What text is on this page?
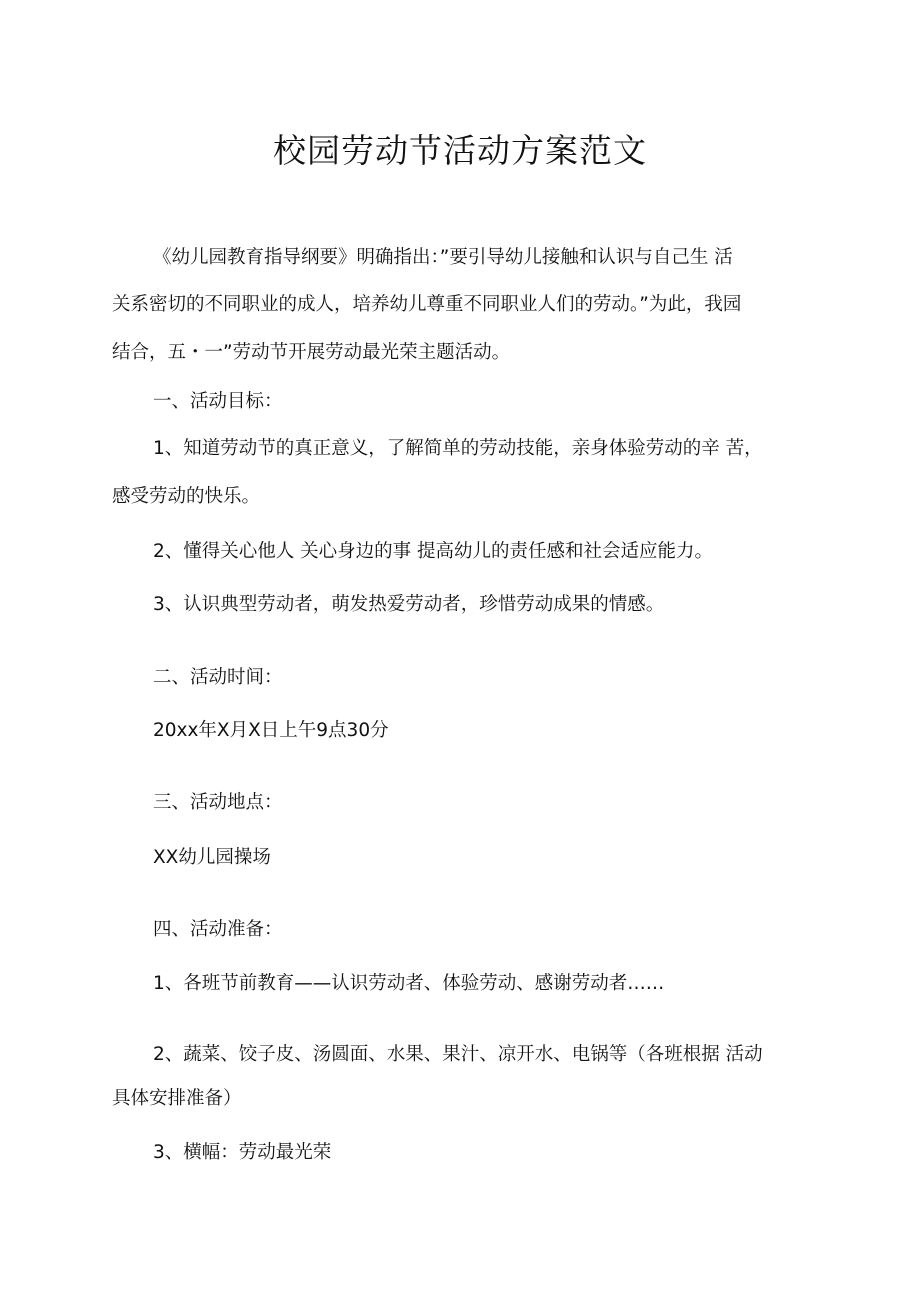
校园劳动节活动方案范文

《幼儿园教育指导纲要》明确指出：”要引导幼儿接触和认识与自己生 活

关系密切的不同职业的成人，培养幼儿尊重不同职业人们的劳动。”为此，我园

结合，五・一”劳动节开展劳动最光荣主题活动。

一、活动目标：

1、知道劳动节的真正意义，了解简单的劳动技能，亲身体验劳动的辛 苦，

感受劳动的快乐。

2、懂得关心他人 关心身边的事 提高幼儿的责任感和社会适应能力。

3、认识典型劳动者，萌发热爱劳动者，珍惜劳动成果的情感。

二、活动时间：

20xx年X月X日上午9点30分

三、活动地点：

XX幼儿园操场

四、活动准备：

1、各班节前教育——认识劳动者、体验劳动、感谢劳动者……

2、蔬菜、饺子皮、汤圆面、水果、果汁、凉开水、电锅等（各班根据 活动

具体安排准备）

3、横幅：劳动最光荣
